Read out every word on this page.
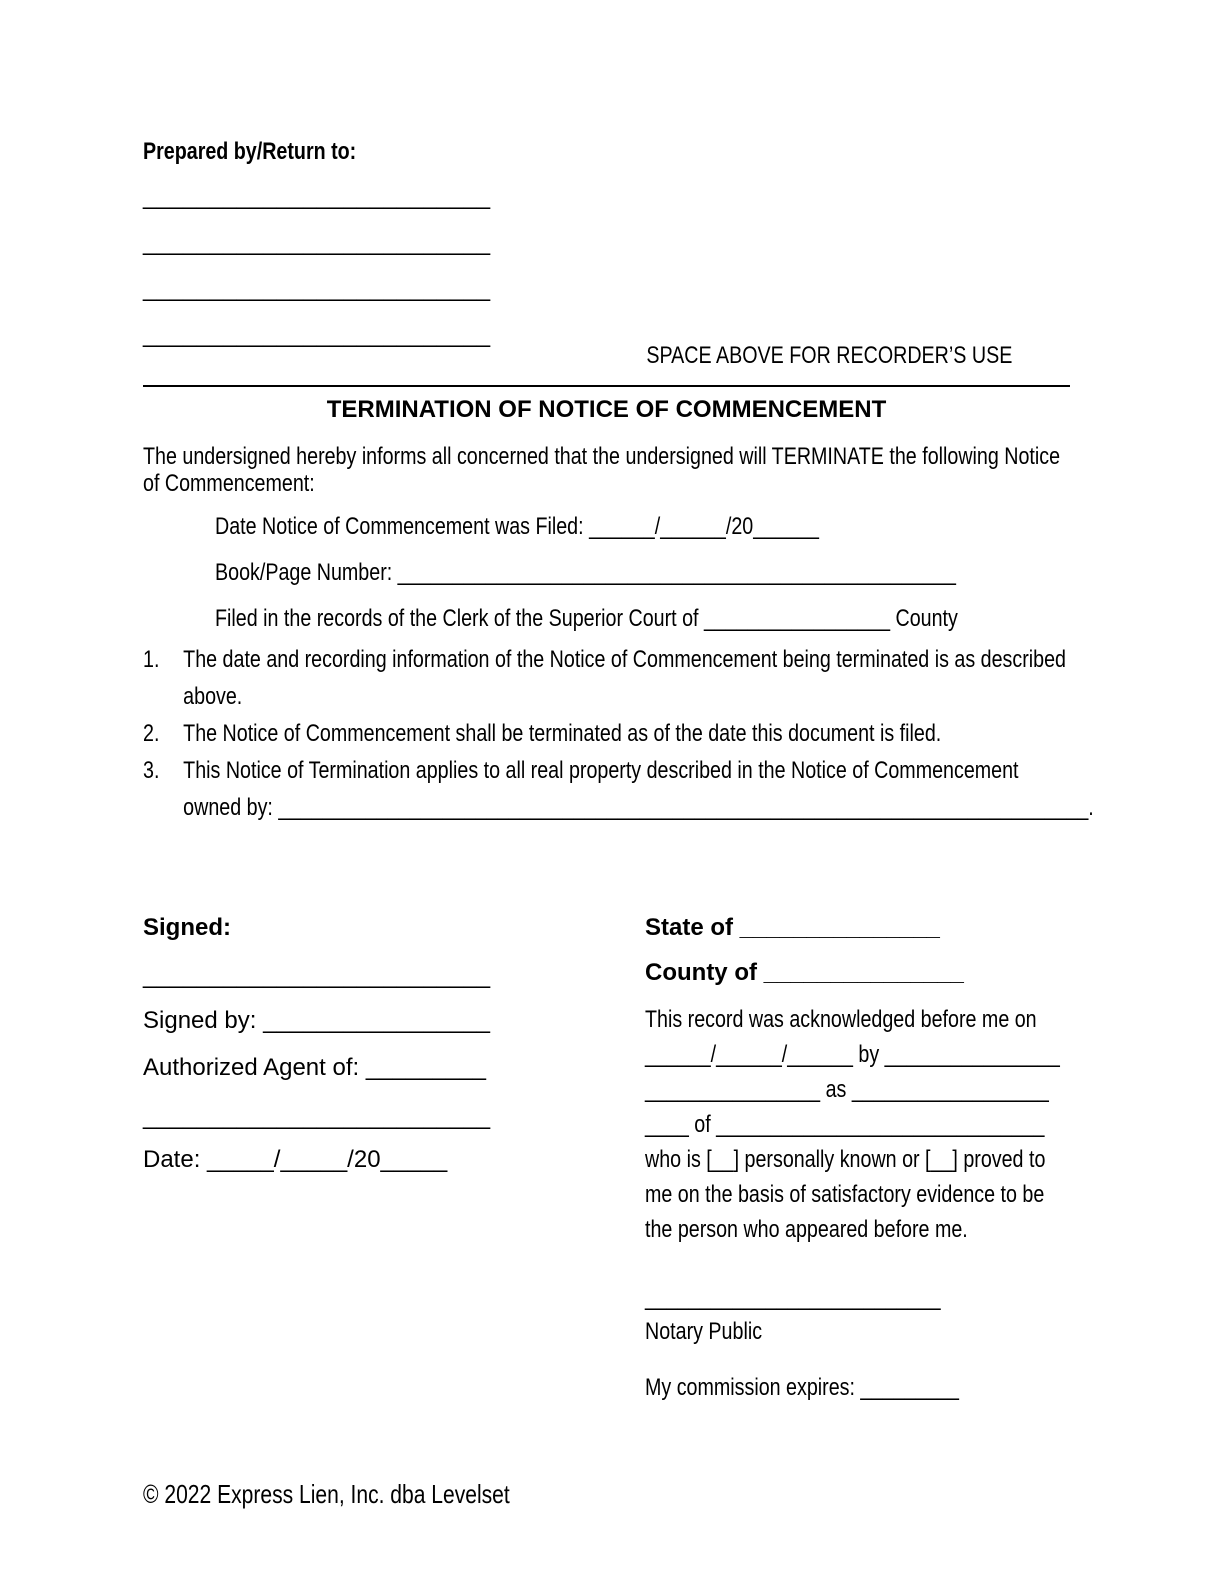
Prepared by/Return to:
__________________________
__________________________
__________________________
__________________________
SPACE ABOVE FOR RECORDER’S USE
TERMINATION OF NOTICE OF COMMENCEMENT
The undersigned hereby informs all concerned that the undersigned will TERMINATE the following Notice
of Commencement:
Date Notice of Commencement was Filed: ______/______/20______
Book/Page Number: ___________________________________________________
Filed in the records of the Clerk of the Superior Court of _________________ County
1. The date and recording information of the Notice of Commencement being terminated is as described
above.
2. The Notice of Commencement shall be terminated as of the date this document is filed.
3. This Notice of Termination applies to all real property described in the Notice of Commencement
owned by: __________________________________________________________________________.
Signed:
__________________________
Signed by: _________________
Authorized Agent of: _________
__________________________
Date: _____/_____/20_____
State of _______________
County of _______________
This record was acknowledged before me on
______/______/______ by ________________
________________ as __________________
____ of ______________________________
who is [__] personally known or [__] proved to
me on the basis of satisfactory evidence to be
the person who appeared before me.
___________________________
Notary Public
My commission expires: _________
© 2022 Express Lien, Inc. dba Levelset
